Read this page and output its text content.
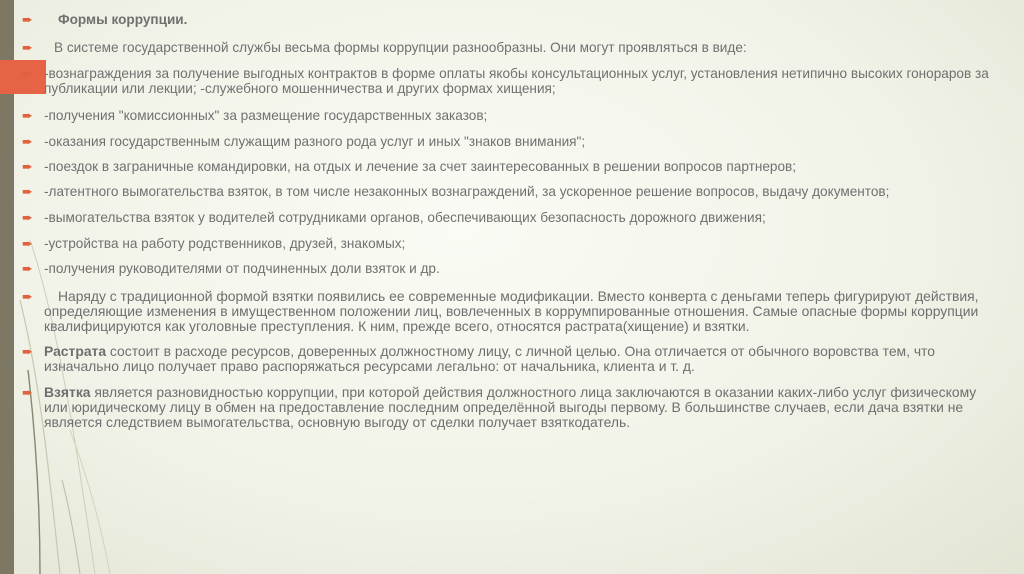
➨	Формы коррупции.
➨	В системе государственной службы весьма формы коррупции разнообразны. Они могут проявляться в виде:
➨ -вознаграждения за получение выгодных контрактов в форме оплаты якобы консультационных услуг, установления нетипично высоких гонораров за публикации или лекции; -служебного мошенничества и других формах хищения;
➨ -получения "комиссионных" за размещение государственных заказов;
➨ -оказания государственным служащим разного рода услуг и иных "знаков внимания";
➨ -поездок в заграничные командировки, на отдых и лечение за счет заинтересованных в решении вопросов партнеров;
➨ -латентного вымогательства взяток, в том числе незаконных вознаграждений, за ускоренное решение вопросов, выдачу документов;
➨ -вымогательства взяток у водителей сотрудниками органов, обеспечивающих безопасность дорожного движения;
➨ -устройства на работу родственников, друзей, знакомых;
➨ -получения руководителями от подчиненных доли взяток и др.
➨	Наряду с традиционной формой взятки появились ее современные модификации. Вместо конверта с деньгами теперь фигурируют действия, определяющие изменения в имущественном положении лиц, вовлеченных в коррумпированные отношения. Самые опасные формы коррупции квалифицируются как уголовные преступления. К ним, прежде всего, относятся растрата(хищение) и взятки.
➨ Растрата состоит в расходе ресурсов, доверенных должностному лицу, с личной целью. Она отличается от обычного воровства тем, что изначально лицо получает право распоряжаться ресурсами легально: от начальника, клиента и т. д.
➨ Взятка является разновидностью коррупции, при которой действия должностного лица заключаются в оказании каких-либо услуг физическому или юридическому лицу в обмен на предоставление последним определённой выгоды первому. В большинстве случаев, если дача взятки не является следствием вымогательства, основную выгоду от сделки получает взяткодатель.
